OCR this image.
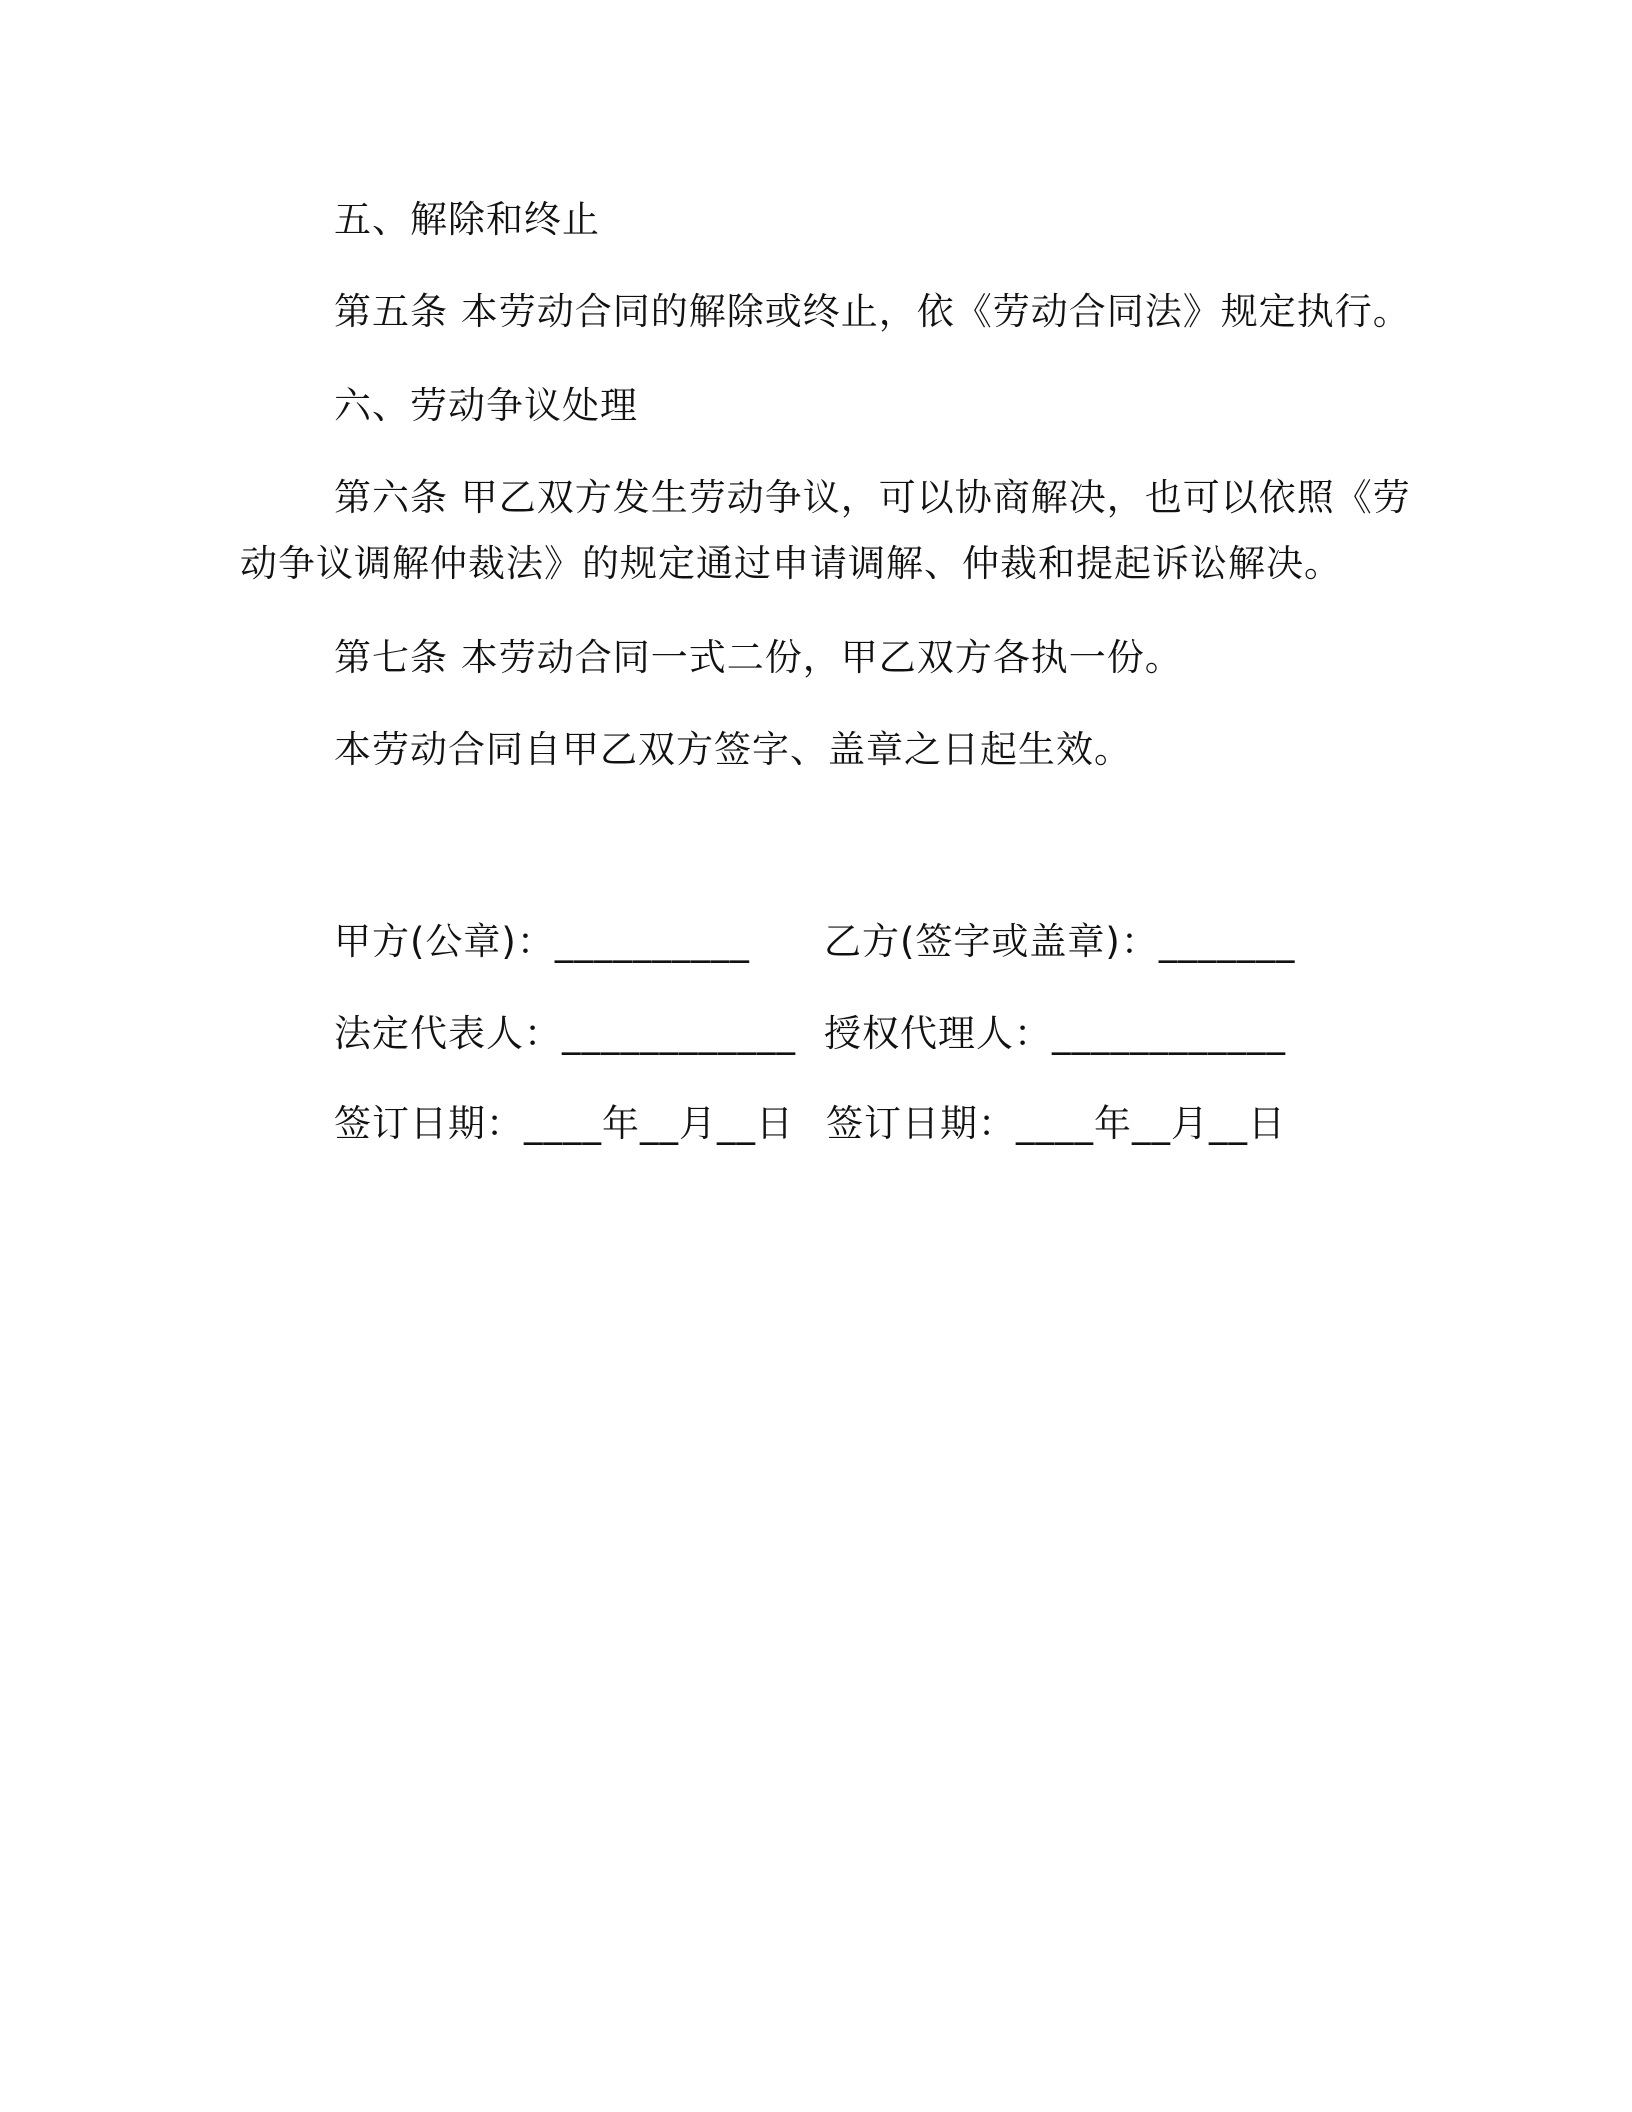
五、解除和终止
第五条 本劳动合同的解除或终止，依《劳动合同法》规定执行。
六、劳动争议处理
第六条 甲乙双方发生劳动争议，可以协商解决，也可以依照《劳
动争议调解仲裁法》的规定通过申请调解、仲裁和提起诉讼解决。
第七条 本劳动合同一式二份，甲乙双方各执一份。
本劳动合同自甲乙双方签字、盖章之日起生效。
甲方(公章)：__________ 乙方(签字或盖章)：_______
法定代表人：____________ 授权代理人：____________
签订日期：____年__月__日 签订日期：____年__月__日
